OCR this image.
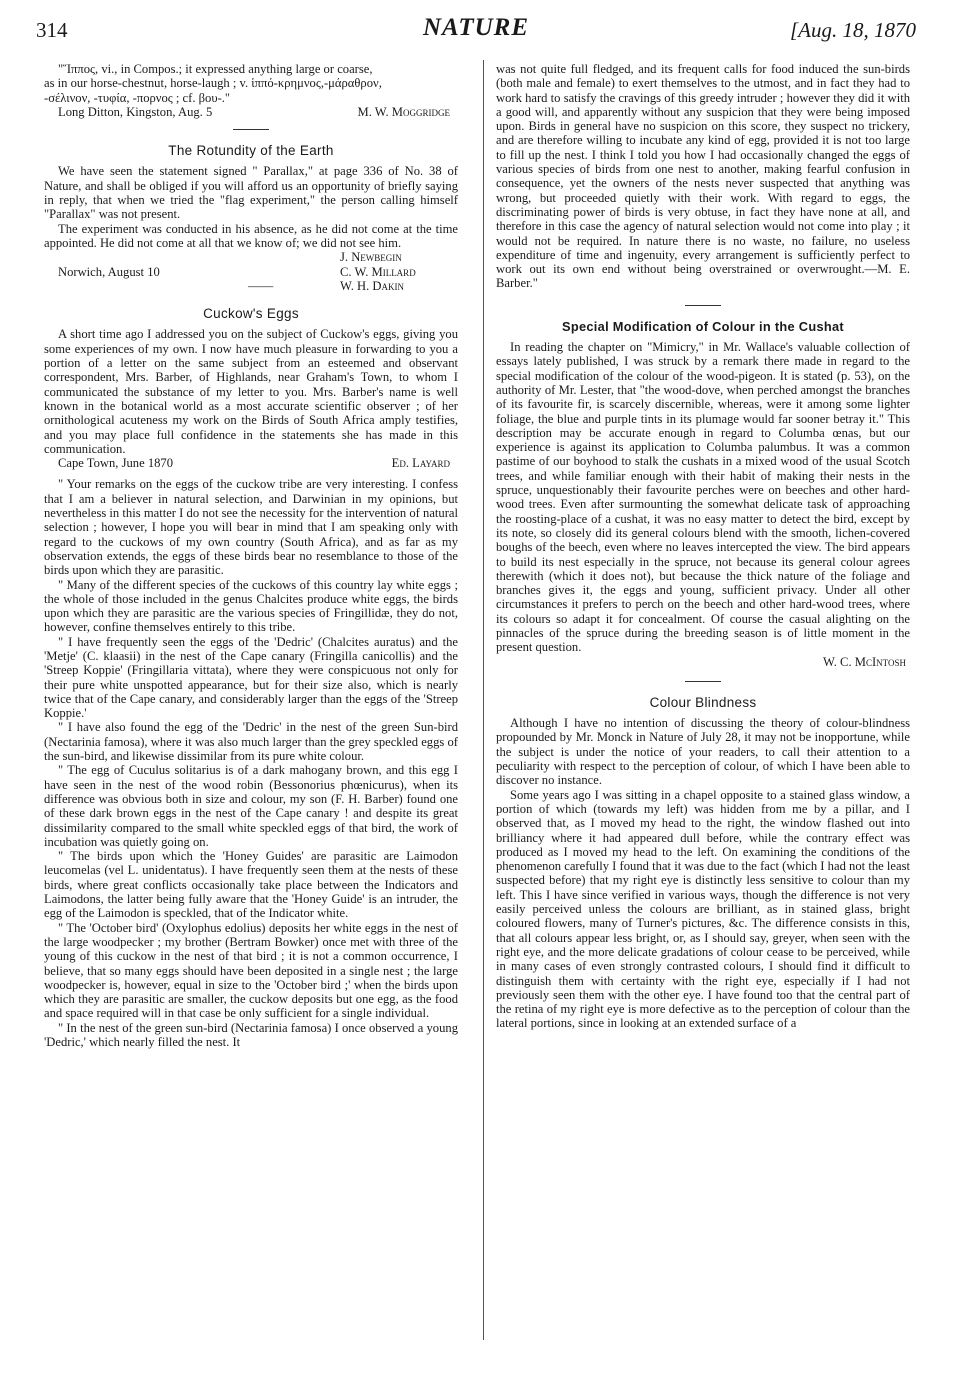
314	NATURE	[Aug. 18, 1870
"Ἵππος, vi., in Compos.; it expressed anything large or coarse,
as in our horse-chestnut, horse-laugh ; v. ἱππό-κρημνος,-μάραθρον,
-σέλινον, -τυφία, -πορνος ; cf. βου-."
Long Ditton, Kingston, Aug. 5	M. W. Moggridge
The Rotundity of the Earth

We have seen the statement signed " Parallax," at page 336 of No. 38 of Nature, and shall be obliged if you will afford us an opportunity of briefly saying in reply, that when we tried the "flag experiment," the person calling himself "Parallax" was not present.

The experiment was conducted in his absence, as he did not come at the time appointed. He did not come at all that we know of; we did not see him.

J. Newbegin
Norwich, August 10	C. W. Millard
——	W. H. Dakin
Cuckow's Eggs

A short time ago I addressed you on the subject of Cuckow's eggs, giving you some experiences of my own. I now have much pleasure in forwarding to you a portion of a letter on the same subject from an esteemed and observant correspondent, Mrs. Barber, of Highlands, near Graham's Town, to whom I communicated the substance of my letter to you. Mrs. Barber's name is well known in the botanical world as a most accurate scientific observer ; of her ornithological acuteness my work on the Birds of South Africa amply testifies, and you may place full confidence in the statements she has made in this communication.

Cape Town, June 1870	Ed. Layard

" Your remarks on the eggs of the cuckow tribe are very interesting. I confess that I am a believer in natural selection, and Darwinian in my opinions, but nevertheless in this matter I do not see the necessity for the intervention of natural selection ; however, I hope you will bear in mind that I am speaking only with regard to the cuckows of my own country (South Africa), and as far as my observation extends, the eggs of these birds bear no resemblance to those of the birds upon which they are parasitic.

" Many of the different species of the cuckows of this country lay white eggs ; the whole of those included in the genus Chalcites produce white eggs, the birds upon which they are parasitic are the various species of Fringillidæ, they do not, however, confine themselves entirely to this tribe.

" I have frequently seen the eggs of the 'Dedric' (Chalcites auratus) and the 'Metje' (C. klaasii) in the nest of the Cape canary (Fringilla canicollis) and the 'Streep Koppie' (Fringillaria vittata), where they were conspicuous not only for their pure white unspotted appearance, but for their size also, which is nearly twice that of the Cape canary, and considerably larger than the eggs of the 'Streep Koppie.'

" I have also found the egg of the 'Dedric' in the nest of the green Sun-bird (Nectarinia famosa), where it was also much larger than the grey speckled eggs of the sun-bird, and likewise dissimilar from its pure white colour.

" The egg of Cuculus solitarius is of a dark mahogany brown, and this egg I have seen in the nest of the wood robin (Bessonorius phœnicurus), when its difference was obvious both in size and colour, my son (F. H. Barber) found one of these dark brown eggs in the nest of the Cape canary ! and despite its great dissimilarity compared to the small white speckled eggs of that bird, the work of incubation was quietly going on.

" The birds upon which the 'Honey Guides' are parasitic are Laimodon leucomelas (vel L. unidentatus). I have frequently seen them at the nests of these birds, where great conflicts occasionally take place between the Indicators and Laimodons, the latter being fully aware that the 'Honey Guide' is an intruder, the egg of the Laimodon is speckled, that of the Indicator white.

" The 'October bird' (Oxylophus edolius) deposits her white eggs in the nest of the large woodpecker ; my brother (Bertram Bowker) once met with three of the young of this cuckow in the nest of that bird ; it is not a common occurrence, I believe, that so many eggs should have been deposited in a single nest ; the large woodpecker is, however, equal in size to the 'October bird ;' when the birds upon which they are parasitic are smaller, the cuckow deposits but one egg, as the food and space required will in that case be only sufficient for a single individual.

" In the nest of the green sun-bird (Nectarinia famosa) I once observed a young 'Dedric,' which nearly filled the nest. It

was not quite full fledged, and its frequent calls for food induced the sun-birds (both male and female) to exert themselves to the utmost, and in fact they had to work hard to satisfy the cravings of this greedy intruder ; however they did it with a good will, and apparently without any suspicion that they were being imposed upon. Birds in general have no suspicion on this score, they suspect no trickery, and are therefore willing to incubate any kind of egg, provided it is not too large to fill up the nest. I think I told you how I had occasionally changed the eggs of various species of birds from one nest to another, making fearful confusion in consequence, yet the owners of the nests never suspected that anything was wrong, but proceeded quietly with their work. With regard to eggs, the discriminating power of birds is very obtuse, in fact they have none at all, and therefore in this case the agency of natural selection would not come into play ; it would not be required. In nature there is no waste, no failure, no useless expenditure of time and ingenuity, every arrangement is sufficiently perfect to work out its own end without being overstrained or overwrought.—M. E. Barber."

Special Modification of Colour in the Cushat

In reading the chapter on "Mimicry," in Mr. Wallace's valuable collection of essays lately published, I was struck by a remark there made in regard to the special modification of the colour of the wood-pigeon. It is stated (p. 53), on the authority of Mr. Lester, that "the wood-dove, when perched amongst the branches of its favourite fir, is scarcely discernible, whereas, were it among some lighter foliage, the blue and purple tints in its plumage would far sooner betray it." This description may be accurate enough in regard to Columba œnas, but our experience is against its application to Columba palumbus. It was a common pastime of our boyhood to stalk the cushats in a mixed wood of the usual Scotch trees, and while familiar enough with their habit of making their nests in the spruce, unquestionably their favourite perches were on beeches and other hard-wood trees. Even after surmounting the somewhat delicate task of approaching the roosting-place of a cushat, it was no easy matter to detect the bird, except by its note, so closely did its general colours blend with the smooth, lichen-covered boughs of the beech, even where no leaves intercepted the view. The bird appears to build its nest especially in the spruce, not because its general colour agrees therewith (which it does not), but because the thick nature of the foliage and branches gives it, the eggs and young, sufficient privacy. Under all other circumstances it prefers to perch on the beech and other hard-wood trees, where its colours so adapt it for concealment. Of course the casual alighting on the pinnacles of the spruce during the breeding season is of little moment in the present question.

W. C. McIntosh
Colour Blindness

Although I have no intention of discussing the theory of colour-blindness propounded by Mr. Monck in Nature of July 28, it may not be inopportune, while the subject is under the notice of your readers, to call their attention to a peculiarity with respect to the perception of colour, of which I have been able to discover no instance.

Some years ago I was sitting in a chapel opposite to a stained glass window, a portion of which (towards my left) was hidden from me by a pillar, and I observed that, as I moved my head to the right, the window flashed out into brilliancy where it had appeared dull before, while the contrary effect was produced as I moved my head to the left. On examining the conditions of the phenomenon carefully I found that it was due to the fact (which I had not the least suspected before) that my right eye is distinctly less sensitive to colour than my left. This I have since verified in various ways, though the difference is not very easily perceived unless the colours are brilliant, as in stained glass, bright coloured flowers, many of Turner's pictures, &c. The difference consists in this, that all colours appear less bright, or, as I should say, greyer, when seen with the right eye, and the more delicate gradations of colour cease to be perceived, while in many cases of even strongly contrasted colours, I should find it difficult to distinguish them with certainty with the right eye, especially if I had not previously seen them with the other eye. I have found too that the central part of the retina of my right eye is more defective as to the perception of colour than the lateral portions, since in looking at an extended surface of a
